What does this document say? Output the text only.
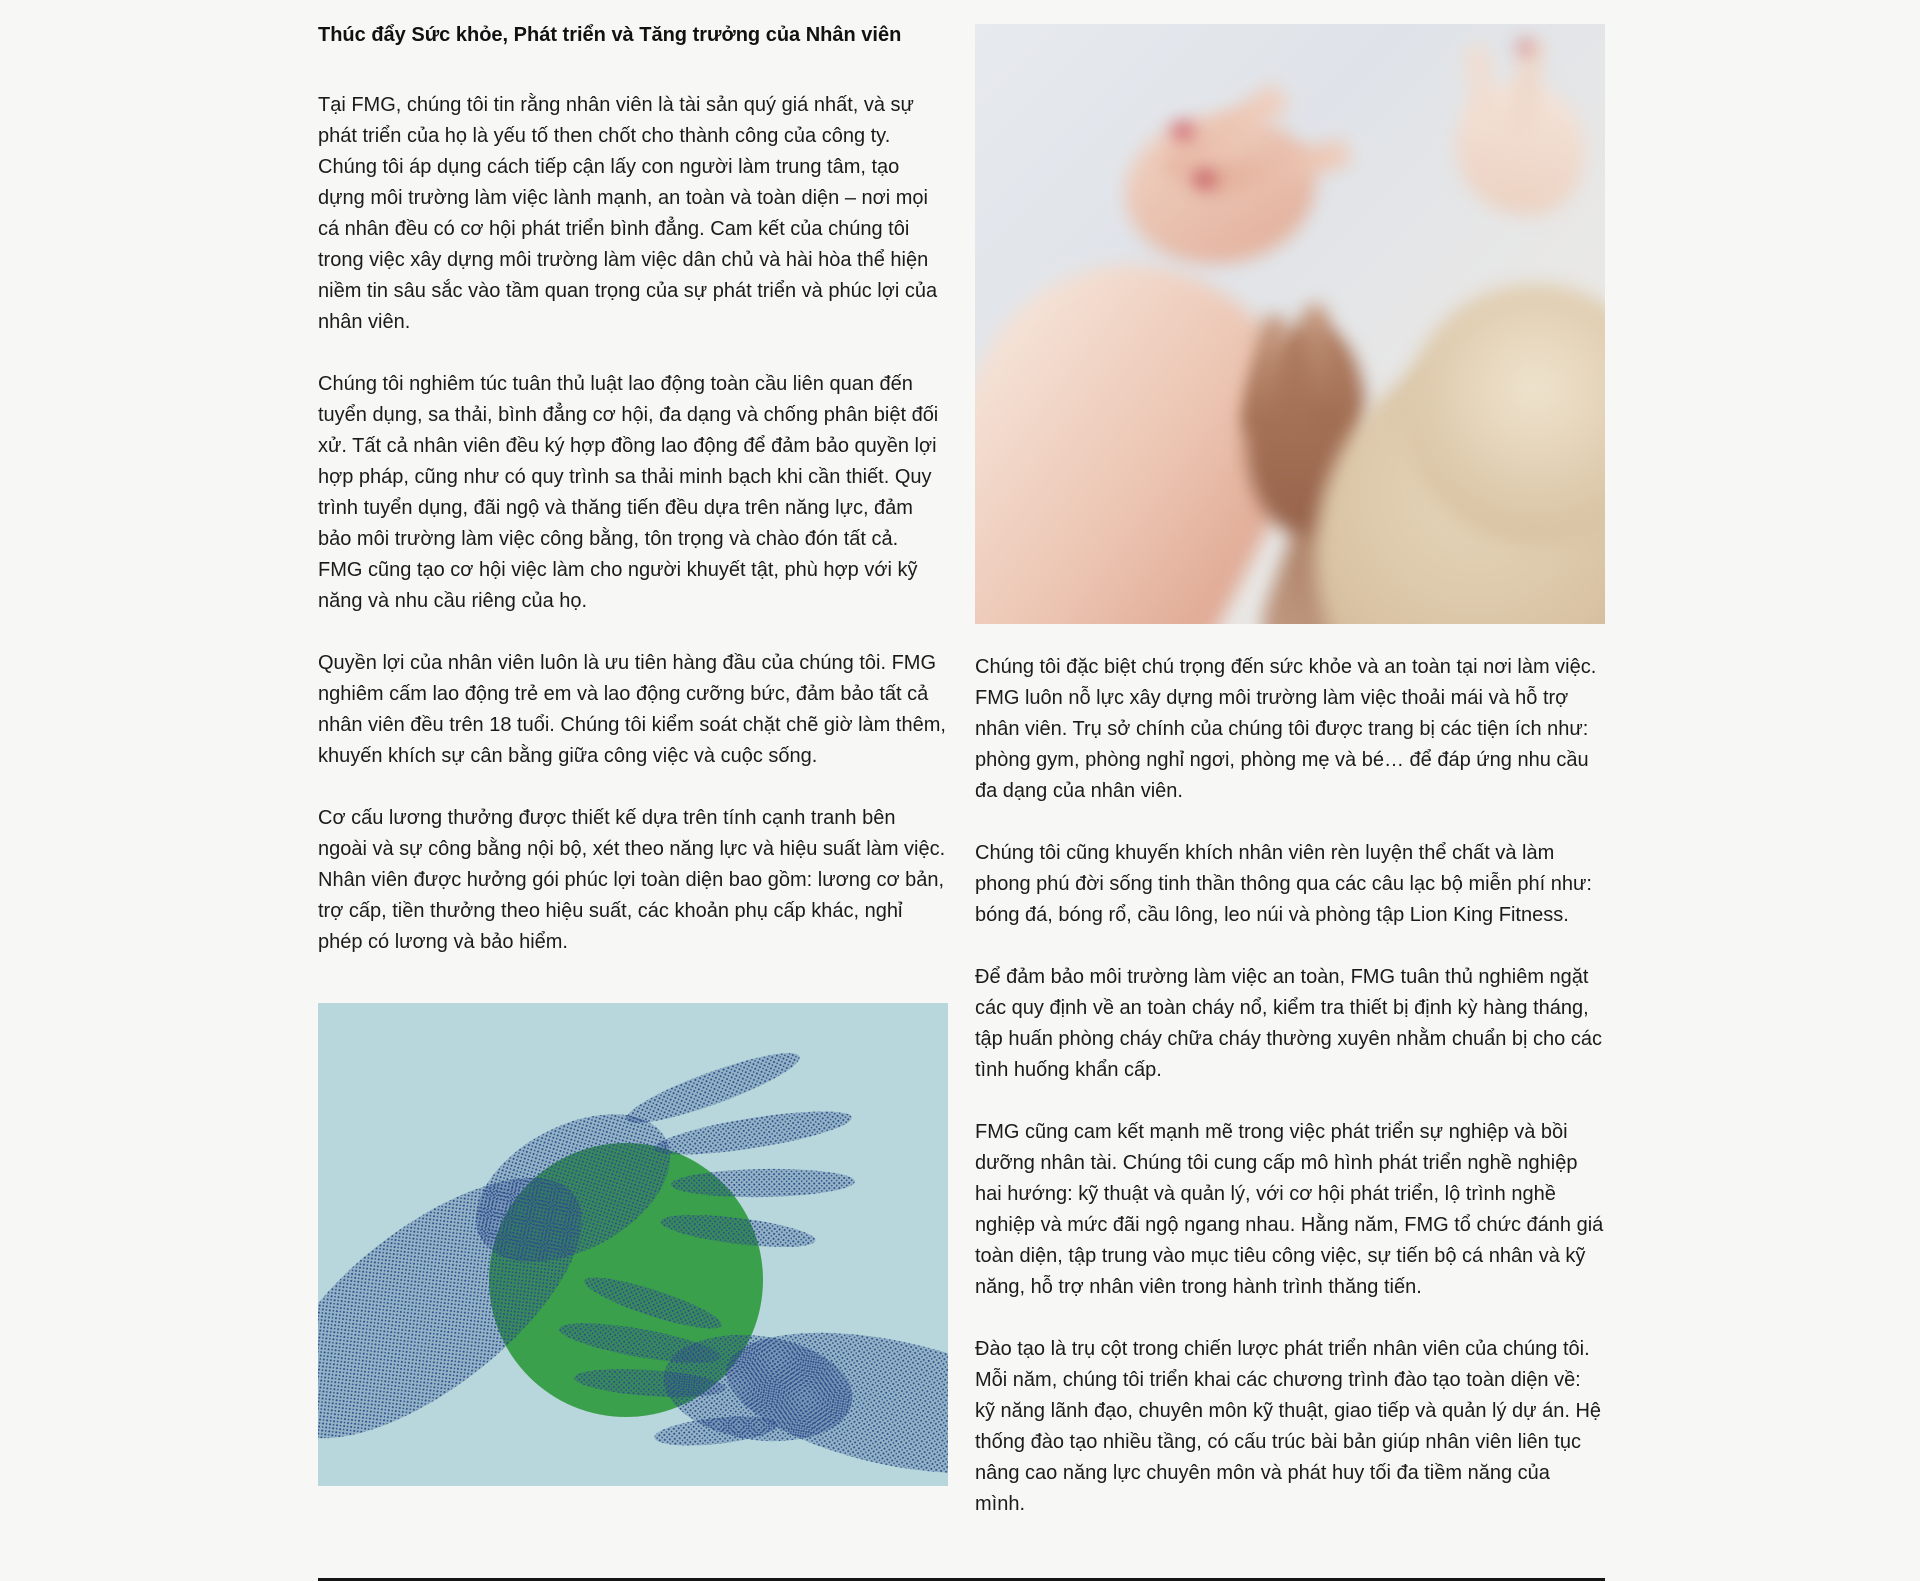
Thúc đẩy Sức khỏe, Phát triển và Tăng trưởng của Nhân viên

Tại FMG, chúng tôi tin rằng nhân viên là tài sản quý giá nhất, và sự phát triển của họ là yếu tố then chốt cho thành công của công ty. Chúng tôi áp dụng cách tiếp cận lấy con người làm trung tâm, tạo dựng môi trường làm việc lành mạnh, an toàn và toàn diện – nơi mọi cá nhân đều có cơ hội phát triển bình đẳng. Cam kết của chúng tôi trong việc xây dựng môi trường làm việc dân chủ và hài hòa thể hiện niềm tin sâu sắc vào tầm quan trọng của sự phát triển và phúc lợi của nhân viên.

Chúng tôi nghiêm túc tuân thủ luật lao động toàn cầu liên quan đến tuyển dụng, sa thải, bình đẳng cơ hội, đa dạng và chống phân biệt đối xử. Tất cả nhân viên đều ký hợp đồng lao động để đảm bảo quyền lợi hợp pháp, cũng như có quy trình sa thải minh bạch khi cần thiết. Quy trình tuyển dụng, đãi ngộ và thăng tiến đều dựa trên năng lực, đảm bảo môi trường làm việc công bằng, tôn trọng và chào đón tất cả. FMG cũng tạo cơ hội việc làm cho người khuyết tật, phù hợp với kỹ năng và nhu cầu riêng của họ.

Quyền lợi của nhân viên luôn là ưu tiên hàng đầu của chúng tôi. FMG nghiêm cấm lao động trẻ em và lao động cưỡng bức, đảm bảo tất cả nhân viên đều trên 18 tuổi. Chúng tôi kiểm soát chặt chẽ giờ làm thêm, khuyến khích sự cân bằng giữa công việc và cuộc sống.

Cơ cấu lương thưởng được thiết kế dựa trên tính cạnh tranh bên ngoài và sự công bằng nội bộ, xét theo năng lực và hiệu suất làm việc. Nhân viên được hưởng gói phúc lợi toàn diện bao gồm: lương cơ bản, trợ cấp, tiền thưởng theo hiệu suất, các khoản phụ cấp khác, nghỉ phép có lương và bảo hiểm.

Chúng tôi đặc biệt chú trọng đến sức khỏe và an toàn tại nơi làm việc. FMG luôn nỗ lực xây dựng môi trường làm việc thoải mái và hỗ trợ nhân viên. Trụ sở chính của chúng tôi được trang bị các tiện ích như: phòng gym, phòng nghỉ ngơi, phòng mẹ và bé… để đáp ứng nhu cầu đa dạng của nhân viên.

Chúng tôi cũng khuyến khích nhân viên rèn luyện thể chất và làm phong phú đời sống tinh thần thông qua các câu lạc bộ miễn phí như: bóng đá, bóng rổ, cầu lông, leo núi và phòng tập Lion King Fitness.

Để đảm bảo môi trường làm việc an toàn, FMG tuân thủ nghiêm ngặt các quy định về an toàn cháy nổ, kiểm tra thiết bị định kỳ hàng tháng, tập huấn phòng cháy chữa cháy thường xuyên nhằm chuẩn bị cho các tình huống khẩn cấp.

FMG cũng cam kết mạnh mẽ trong việc phát triển sự nghiệp và bồi dưỡng nhân tài. Chúng tôi cung cấp mô hình phát triển nghề nghiệp hai hướng: kỹ thuật và quản lý, với cơ hội phát triển, lộ trình nghề nghiệp và mức đãi ngộ ngang nhau. Hằng năm, FMG tổ chức đánh giá toàn diện, tập trung vào mục tiêu công việc, sự tiến bộ cá nhân và kỹ năng, hỗ trợ nhân viên trong hành trình thăng tiến.

Đào tạo là trụ cột trong chiến lược phát triển nhân viên của chúng tôi. Mỗi năm, chúng tôi triển khai các chương trình đào tạo toàn diện về: kỹ năng lãnh đạo, chuyên môn kỹ thuật, giao tiếp và quản lý dự án. Hệ thống đào tạo nhiều tầng, có cấu trúc bài bản giúp nhân viên liên tục nâng cao năng lực chuyên môn và phát huy tối đa tiềm năng của mình.
